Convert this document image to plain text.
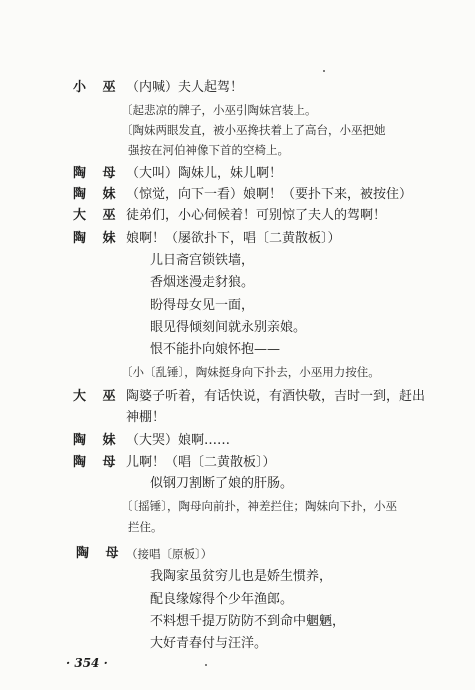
小 巫 （内喊）夫人起驾！
〔起悲凉的牌子，小巫引陶妹宫装上。
〔陶妹两眼发直，被小巫搀扶着上了高台，小巫把她
强按在河伯神像下首的空椅上。
陶 母 （大叫）陶妹儿，妹儿啊！
陶 妹 （惊觉，向下一看）娘啊！（要扑下来，被按住）
大 巫 徒弟们，小心伺候着！可别惊了夫人的驾啊！
陶 妹 娘啊！（屡欲扑下，唱〔二黄散板〕）
儿日斋宫锁铁墙，
香烟迷漫走豺狼。
盼得母女见一面，
眼见得倾刻间就永别亲娘。
恨不能扑向娘怀抱——
〔小〔乱锤〕，陶妹挺身向下扑去，小巫用力按住。
大 巫 陶婆子听着，有话快说，有酒快敬，吉时一到，赶出
神棚！
陶 妹 （大哭）娘啊……
陶 母 儿啊！（唱〔二黄散板〕）
似钢刀割断了娘的肝肠。
〔〔摇锤〕，陶母向前扑，神差拦住；陶妹向下扑，小巫
拦住。
陶 母 （接唱〔原板〕）
我陶家虽贫穷儿也是娇生惯养，
配良缘嫁得个少年渔郎。
不料想千提万防防不到命中魍魉，
大好青春付与汪洋。
· 354 ·
